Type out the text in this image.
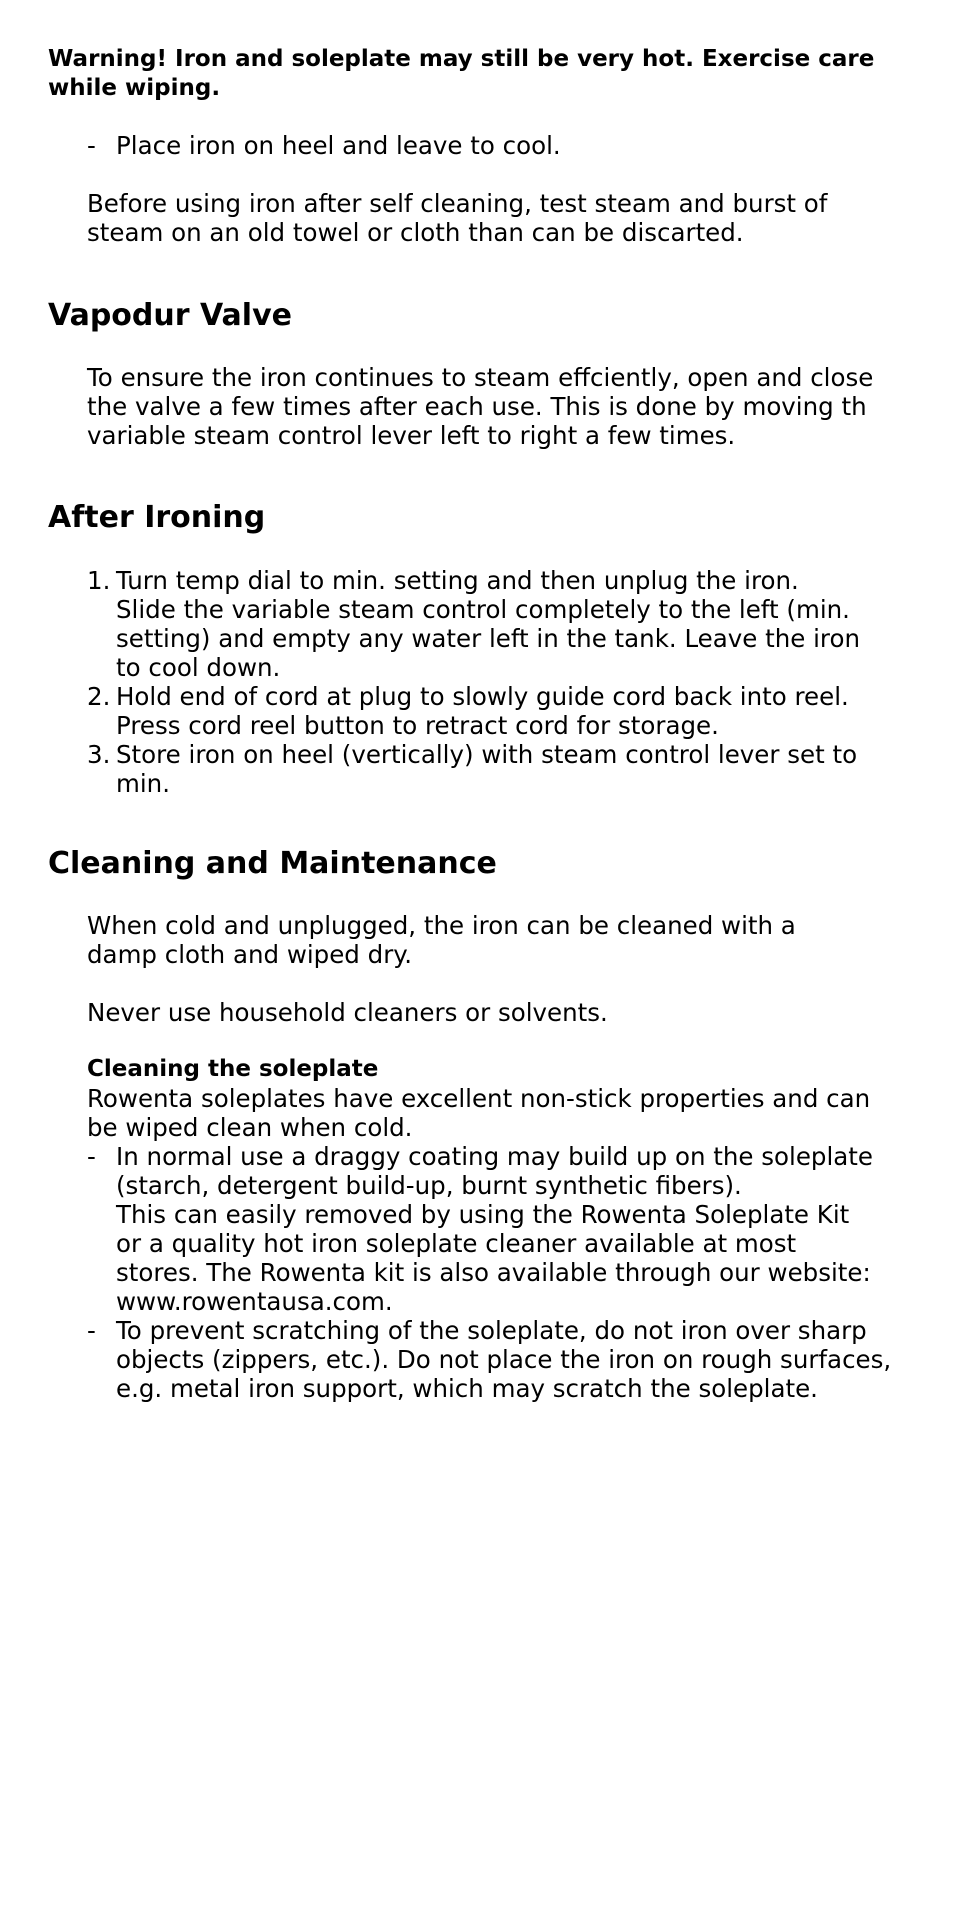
Warning! Iron and soleplate may still be very hot. Exercise care
while wiping.

- Place iron on heel and leave to cool.

Before using iron after self cleaning, test steam and burst of
steam on an old towel or cloth than can be discarted.

Vapodur Valve

To ensure the iron continues to steam effciently, open and close
the valve a few times after each use. This is done by moving th
variable steam control lever left to right a few times.

After Ironing
1. Turn temp dial to min. setting and then unplug the iron.
Slide the variable steam control completely to the left (min.
setting) and empty any water left in the tank. Leave the iron
to cool down.
2. Hold end of cord at plug to slowly guide cord back into reel.
Press cord reel button to retract cord for storage.
3. Store iron on heel (vertically) with steam control lever set to
min.
Cleaning and Maintenance

When cold and unplugged, the iron can be cleaned with a
damp cloth and wiped dry.

Never use household cleaners or solvents.

Cleaning the soleplate
Rowenta soleplates have excellent non-stick properties and can
be wiped clean when cold.
- In normal use a draggy coating may build up on the soleplate
(starch, detergent build-up, burnt synthetic fibers).
This can easily removed by using the Rowenta Soleplate Kit
or a quality hot iron soleplate cleaner available at most
stores. The Rowenta kit is also available through our website:
www.rowentausa.com.
- To prevent scratching of the soleplate, do not iron over sharp
objects (zippers, etc.). Do not place the iron on rough surfaces,
e.g. metal iron support, which may scratch the soleplate.
